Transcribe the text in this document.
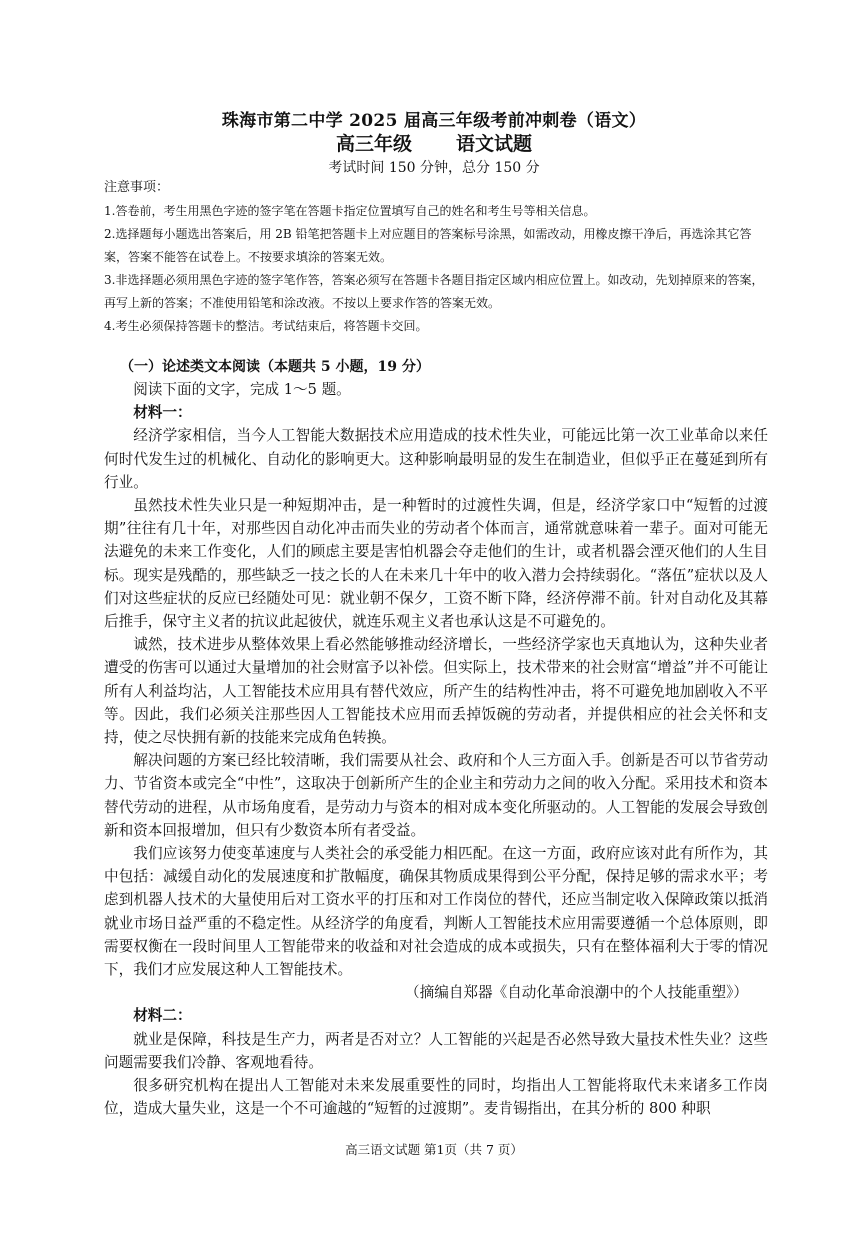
珠海市第二中学 2025 届高三年级考前冲刺卷（语文）
高三年级 语文试题
考试时间 150 分钟，总分 150 分
注意事项：

1.答卷前，考生用黑色字迹的签字笔在答题卡指定位置填写自己的姓名和考生号等相关信息。

2.选择题每小题选出答案后，用 2B 铅笔把答题卡上对应题目的答案标号涂黑，如需改动，用橡皮擦干净后，再选涂其它答案，答案不能答在试卷上。不按要求填涂的答案无效。

3.非选择题必须用黑色字迹的签字笔作答，答案必须写在答题卡各题目指定区域内相应位置上。如改动，先划掉原来的答案，再写上新的答案；不准使用铅笔和涂改液。不按以上要求作答的答案无效。

4.考生必须保持答题卡的整洁。考试结束后，将答题卡交回。

（一）论述类文本阅读（本题共 5 小题，19 分）

阅读下面的文字，完成 1～5 题。

材料一：

经济学家相信，当今人工智能大数据技术应用造成的技术性失业，可能远比第一次工业革命以来任何时代发生过的机械化、自动化的影响更大。这种影响最明显的发生在制造业，但似乎正在蔓延到所有行业。

虽然技术性失业只是一种短期冲击，是一种暂时的过渡性失调，但是，经济学家口中“短暂的过渡期”往往有几十年，对那些因自动化冲击而失业的劳动者个体而言，通常就意味着一辈子。面对可能无法避免的未来工作变化，人们的顾虑主要是害怕机器会夺走他们的生计，或者机器会湮灭他们的人生目标。现实是残酷的，那些缺乏一技之长的人在未来几十年中的收入潜力会持续弱化。“落伍”症状以及人们对这些症状的反应已经随处可见：就业朝不保夕，工资不断下降，经济停滞不前。针对自动化及其幕后推手，保守主义者的抗议此起彼伏，就连乐观主义者也承认这是不可避免的。

诚然，技术进步从整体效果上看必然能够推动经济增长，一些经济学家也天真地认为，这种失业者遭受的伤害可以通过大量增加的社会财富予以补偿。但实际上，技术带来的社会财富“增益”并不可能让所有人利益均沾，人工智能技术应用具有替代效应，所产生的结构性冲击，将不可避免地加剧收入不平等。因此，我们必须关注那些因人工智能技术应用而丢掉饭碗的劳动者，并提供相应的社会关怀和支持，使之尽快拥有新的技能来完成角色转换。

解决问题的方案已经比较清晰，我们需要从社会、政府和个人三方面入手。创新是否可以节省劳动力、节省资本或完全“中性”，这取决于创新所产生的企业主和劳动力之间的收入分配。采用技术和资本替代劳动的进程，从市场角度看，是劳动力与资本的相对成本变化所驱动的。人工智能的发展会导致创新和资本回报增加，但只有少数资本所有者受益。

我们应该努力使变革速度与人类社会的承受能力相匹配。在这一方面，政府应该对此有所作为，其中包括：减缓自动化的发展速度和扩散幅度，确保其物质成果得到公平分配，保持足够的需求水平；考虑到机器人技术的大量使用后对工资水平的打压和对工作岗位的替代，还应当制定收入保障政策以抵消就业市场日益严重的不稳定性。从经济学的角度看，判断人工智能技术应用需要遵循一个总体原则，即需要权衡在一段时间里人工智能带来的收益和对社会造成的成本或损失，只有在整体福利大于零的情况下，我们才应发展这种人工智能技术。

（摘编自郑器《自动化革命浪潮中的个人技能重塑》）

材料二：

就业是保障，科技是生产力，两者是否对立？人工智能的兴起是否必然导致大量技术性失业？这些问题需要我们冷静、客观地看待。

很多研究机构在提出人工智能对未来发展重要性的同时，均指出人工智能将取代未来诸多工作岗位，造成大量失业，这是一个不可逾越的“短暂的过渡期”。麦肯锡指出，在其分析的 800 种职

高三语文试题 第1页（共 7 页）
